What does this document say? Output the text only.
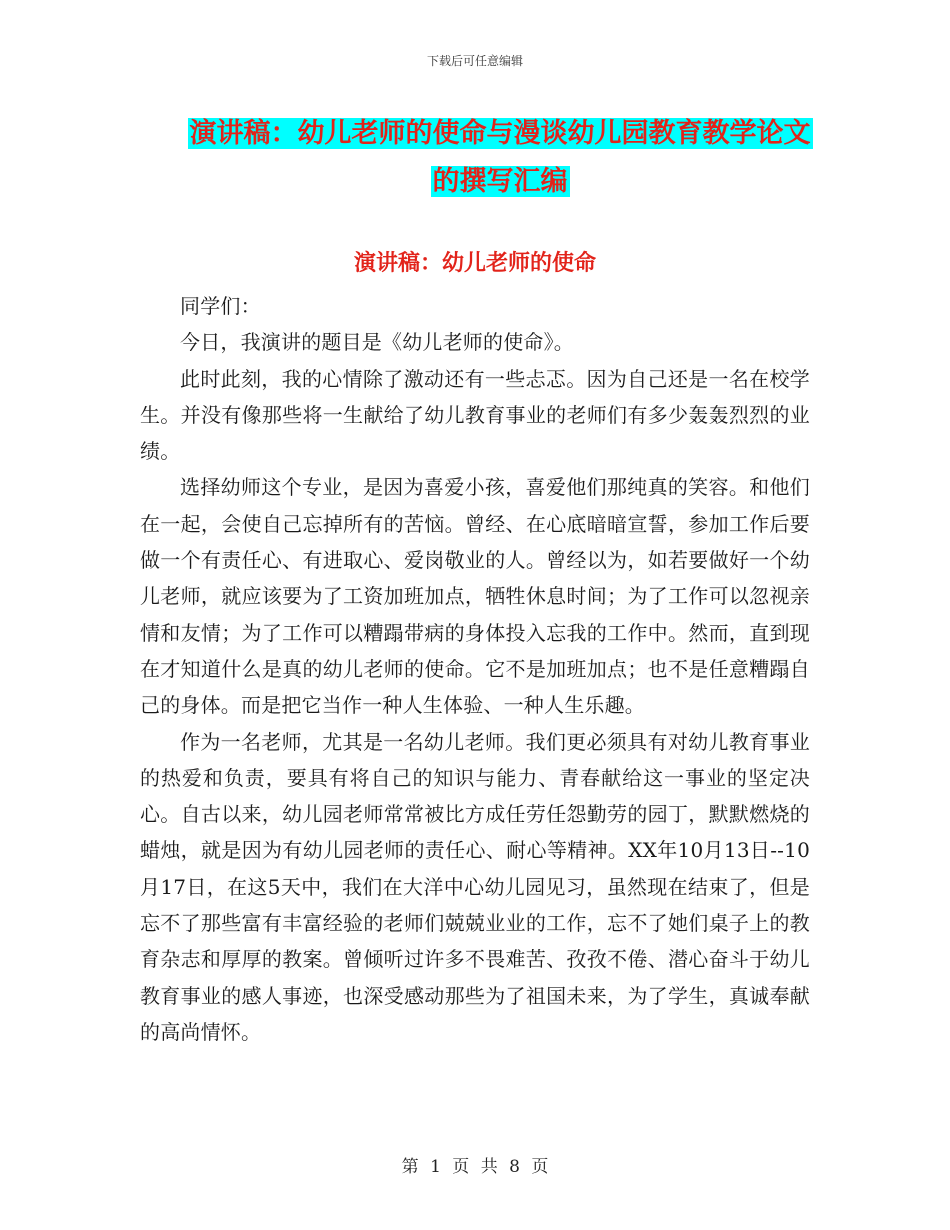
下载后可任意编辑
演讲稿：幼儿老师的使命与漫谈幼儿园教育教学论文
的撰写汇编
演讲稿：幼儿老师的使命

同学们：

今日，我演讲的题目是《幼儿老师的使命》。

此时此刻，我的心情除了激动还有一些忐忑。因为自己还是一名在校学生。并没有像那些将一生献给了幼儿教育事业的老师们有多少轰轰烈烈的业绩。

选择幼师这个专业，是因为喜爱小孩，喜爱他们那纯真的笑容。和他们在一起，会使自己忘掉所有的苦恼。曾经、在心底暗暗宣誓，参加工作后要做一个有责任心、有进取心、爱岗敬业的人。曾经以为，如若要做好一个幼儿老师，就应该要为了工资加班加点，牺牲休息时间；为了工作可以忽视亲情和友情；为了工作可以糟蹋带病的身体投入忘我的工作中。然而，直到现在才知道什么是真的幼儿老师的使命。它不是加班加点；也不是任意糟蹋自己的身体。而是把它当作一种人生体验、一种人生乐趣。

作为一名老师，尤其是一名幼儿老师。我们更必须具有对幼儿教育事业的热爱和负责，要具有将自己的知识与能力、青春献给这一事业的坚定决心。自古以来，幼儿园老师常常被比方成任劳任怨勤劳的园丁，默默燃烧的蜡烛，就是因为有幼儿园老师的责任心、耐心等精神。XX年10月13日--10月17日，在这5天中，我们在大洋中心幼儿园见习，虽然现在结束了，但是忘不了那些富有丰富经验的老师们兢兢业业的工作，忘不了她们桌子上的教育杂志和厚厚的教案。曾倾听过许多不畏难苦、孜孜不倦、潜心奋斗于幼儿教育事业的感人事迹，也深受感动那些为了祖国未来，为了学生，真诚奉献的高尚情怀。

第 1 页 共 8 页
